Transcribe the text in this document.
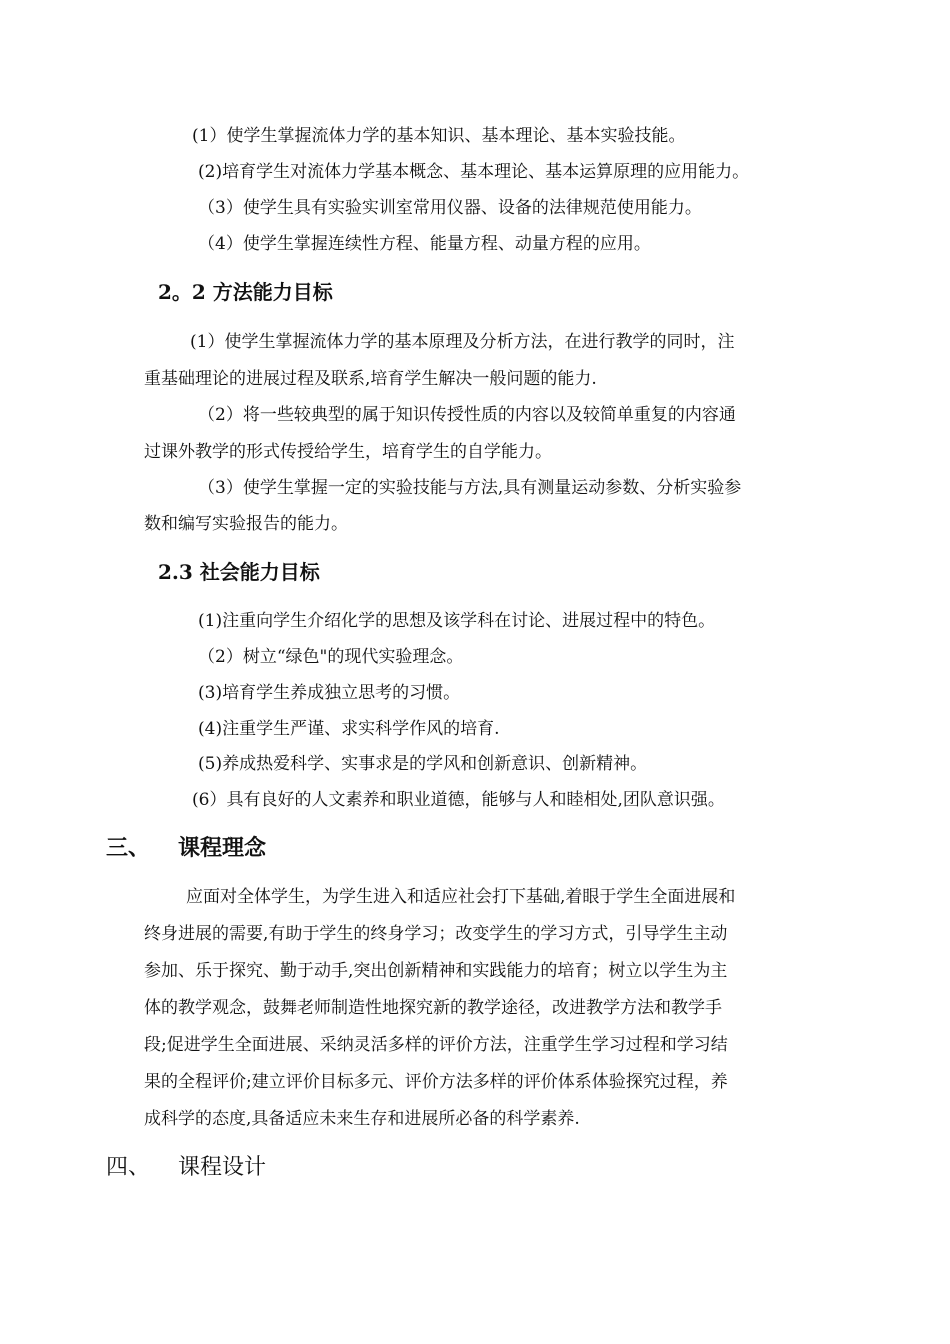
(1）使学生掌握流体力学的基本知识、基本理论、基本实验技能。
(2)培育学生对流体力学基本概念、基本理论、基本运算原理的应用能力。
（3）使学生具有实验实训室常用仪器、设备的法律规范使用能力。
（4）使学生掌握连续性方程、能量方程、动量方程的应用。
2。2 方法能力目标
(1）使学生掌握流体力学的基本原理及分析方法，在进行教学的同时，注
重基础理论的进展过程及联系,培育学生解决一般问题的能力.
（2）将一些较典型的属于知识传授性质的内容以及较简单重复的内容通
过课外教学的形式传授给学生，培育学生的自学能力。
（3）使学生掌握一定的实验技能与方法,具有测量运动参数、分析实验参
数和编写实验报告的能力。
2.3 社会能力目标
(1)注重向学生介绍化学的思想及该学科在讨论、进展过程中的特色。
（2）树立“绿色"的现代实验理念。
(3)培育学生养成独立思考的习惯。
(4)注重学生严谨、求实科学作风的培育.
(5)养成热爱科学、实事求是的学风和创新意识、创新精神。
(6）具有良好的人文素养和职业道德，能够与人和睦相处,团队意识强。
三、 课程理念
应面对全体学生，为学生进入和适应社会打下基础,着眼于学生全面进展和
终身进展的需要,有助于学生的终身学习；改变学生的学习方式，引导学生主动
参加、乐于探究、勤于动手,突出创新精神和实践能力的培育；树立以学生为主
体的教学观念，鼓舞老师制造性地探究新的教学途径，改进教学方法和教学手
段;促进学生全面进展、采纳灵活多样的评价方法，注重学生学习过程和学习结
果的全程评价;建立评价目标多元、评价方法多样的评价体系体验探究过程，养
成科学的态度,具备适应未来生存和进展所必备的科学素养.
四、 课程设计
